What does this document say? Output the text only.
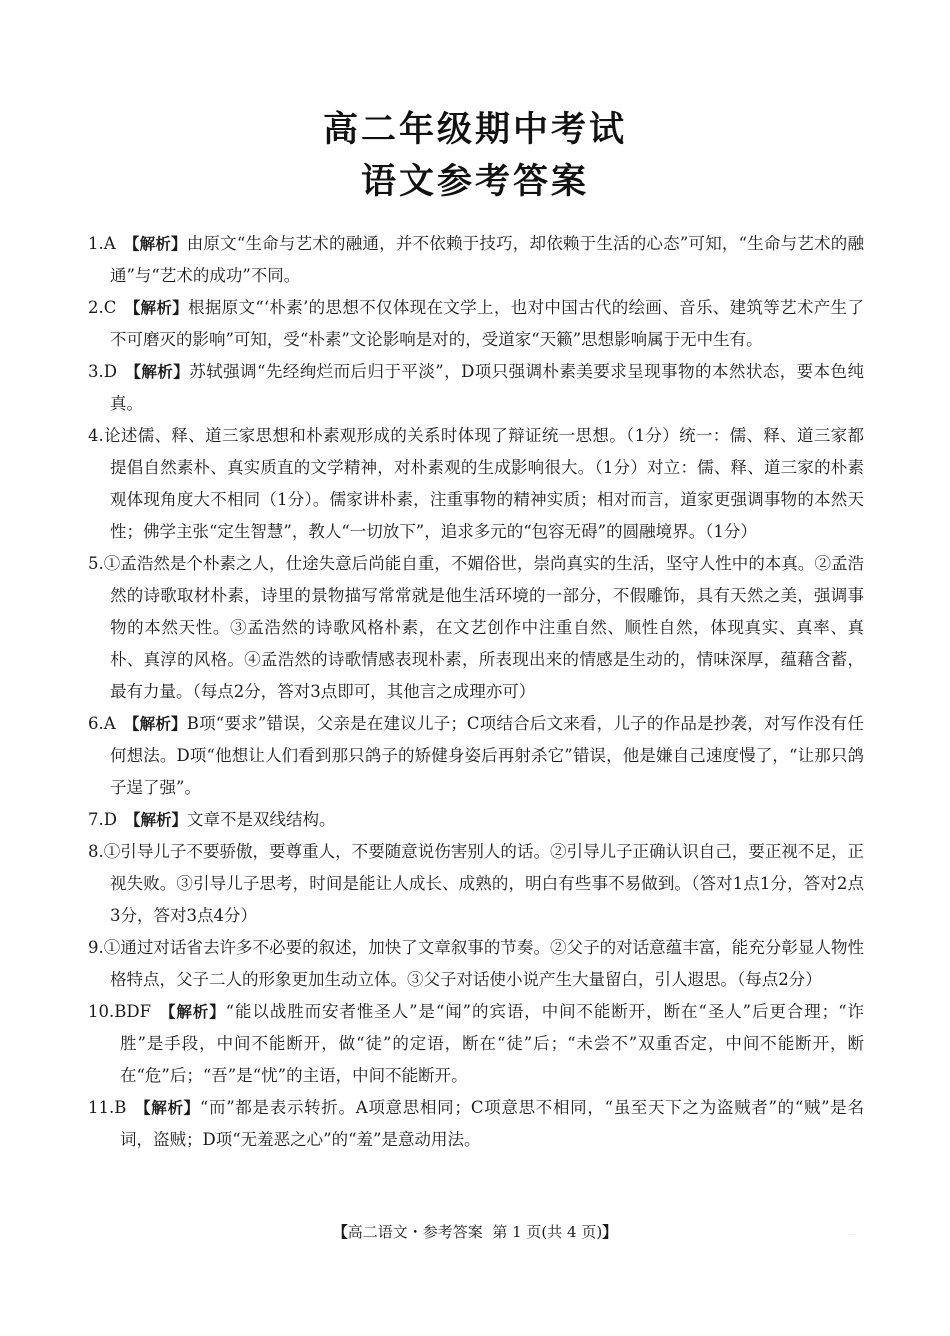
高二年级期中考试
语文参考答案
1.A 【解析】由原文“生命与艺术的融通，并不依赖于技巧，却依赖于生活的心态”可知，“生命与艺术的融通”与“艺术的成功”不同。
2.C 【解析】根据原文“‘朴素’的思想不仅体现在文学上，也对中国古代的绘画、音乐、建筑等艺术产生了不可磨灭的影响”可知，受“朴素”文论影响是对的，受道家“天籁”思想影响属于无中生有。
3.D 【解析】苏轼强调“先经绚烂而后归于平淡”，D项只强调朴素美要求呈现事物的本然状态，要本色纯真。
4.论述儒、释、道三家思想和朴素观形成的关系时体现了辩证统一思想。（1分）统一：儒、释、道三家都提倡自然素朴、真实质直的文学精神，对朴素观的生成影响很大。（1分）对立：儒、释、道三家的朴素观体现角度大不相同（1分）。儒家讲朴素，注重事物的精神实质；相对而言，道家更强调事物的本然天性；佛学主张“定生智慧”，教人“一切放下”，追求多元的“包容无碍”的圆融境界。（1分）
5.①孟浩然是个朴素之人，仕途失意后尚能自重，不媚俗世，崇尚真实的生活，坚守人性中的本真。②孟浩然的诗歌取材朴素，诗里的景物描写常常就是他生活环境的一部分，不假雕饰，具有天然之美，强调事物的本然天性。③孟浩然的诗歌风格朴素，在文艺创作中注重自然、顺性自然，体现真实、真率、真朴、真淳的风格。④孟浩然的诗歌情感表现朴素，所表现出来的情感是生动的，情味深厚，蕴藉含蓄，最有力量。（每点2分，答对3点即可，其他言之成理亦可）
6.A 【解析】B项“要求”错误，父亲是在建议儿子；C项结合后文来看，儿子的作品是抄袭，对写作没有任何想法。D项“他想让人们看到那只鸽子的矫健身姿后再射杀它”错误，他是嫌自己速度慢了，“让那只鸽子逞了强”。
7.D 【解析】文章不是双线结构。
8.①引导儿子不要骄傲，要尊重人，不要随意说伤害别人的话。②引导儿子正确认识自己，要正视不足，正视失败。③引导儿子思考，时间是能让人成长、成熟的，明白有些事不易做到。（答对1点1分，答对2点3分，答对3点4分）
9.①通过对话省去许多不必要的叙述，加快了文章叙事的节奏。②父子的对话意蕴丰富，能充分彰显人物性格特点，父子二人的形象更加生动立体。③父子对话使小说产生大量留白，引人遐思。（每点2分）
10.BDF 【解析】“能以战胜而安者惟圣人”是“闻”的宾语，中间不能断开，断在“圣人”后更合理；“诈胜”是手段，中间不能断开，做“徒”的定语，断在“徒”后；“未尝不”双重否定，中间不能断开，断在“危”后；“吾”是“忧”的主语，中间不能断开。
11.B 【解析】“而”都是表示转折。A项意思相同；C项意思不相同，“虽至天下之为盗贼者”的“贼”是名词，盗贼；D项“无羞恶之心”的“羞”是意动用法。
【高二语文・参考答案 第 1 页(共 4 页)】	...
